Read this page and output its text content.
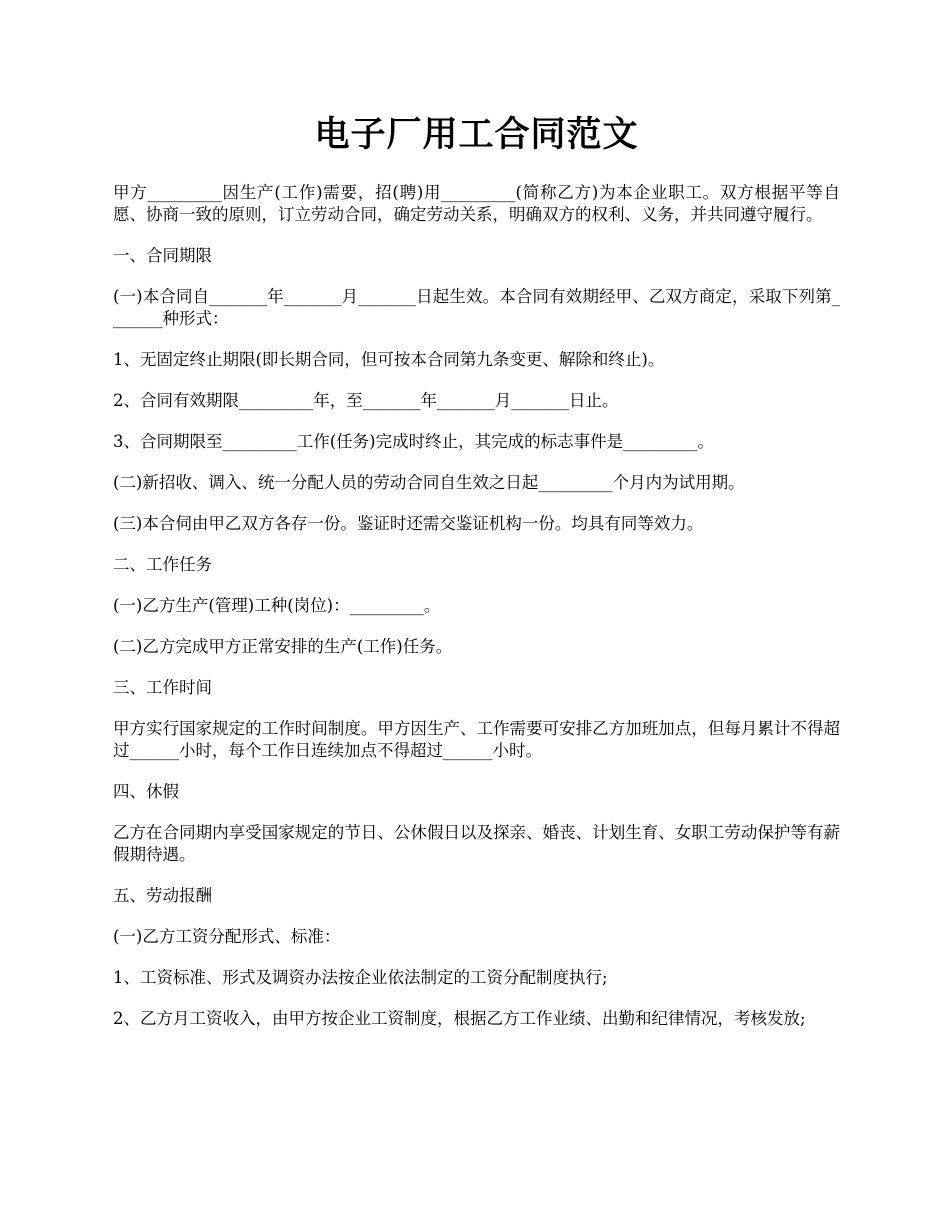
电子厂用工合同范文

甲方_________因生产(工作)需要，招(聘)用_________(简称乙方)为本企业职工。双方根据平等自愿、协商一致的原则，订立劳动合同，确定劳动关系，明确双方的权利、义务，并共同遵守履行。

一、合同期限

(一)本合同自_______年_______月_______日起生效。本合同有效期经甲、乙双方商定，采取下列第_______种形式：

1、无固定终止期限(即长期合同，但可按本合同第九条变更、解除和终止)。

2、合同有效期限_________年，至_______年_______月_______日止。

3、合同期限至_________工作(任务)完成时终止，其完成的标志事件是_________。

(二)新招收、调入、统一分配人员的劳动合同自生效之日起_________个月内为试用期。

(三)本合伺由甲乙双方各存一份。鉴证时还需交鉴证机构一份。均具有同等效力。

二、工作任务

(一)乙方生产(管理)工种(岗位)：_________。

(二)乙方完成甲方正常安排的生产(工作)任务。

三、工作时间

甲方实行国家规定的工作时间制度。甲方因生产、工作需要可安排乙方加班加点，但每月累计不得超过______小时，每个工作日连续加点不得超过______小时。

四、休假

乙方在合同期内享受国家规定的节日、公休假日以及探亲、婚丧、计划生育、女职工劳动保护等有薪假期待遇。

五、劳动报酬

(一)乙方工资分配形式、标准：

1、工资标准、形式及调资办法按企业依法制定的工资分配制度执行;

2、乙方月工资收入，由甲方按企业工资制度，根据乙方工作业绩、出勤和纪律情况，考核发放;
